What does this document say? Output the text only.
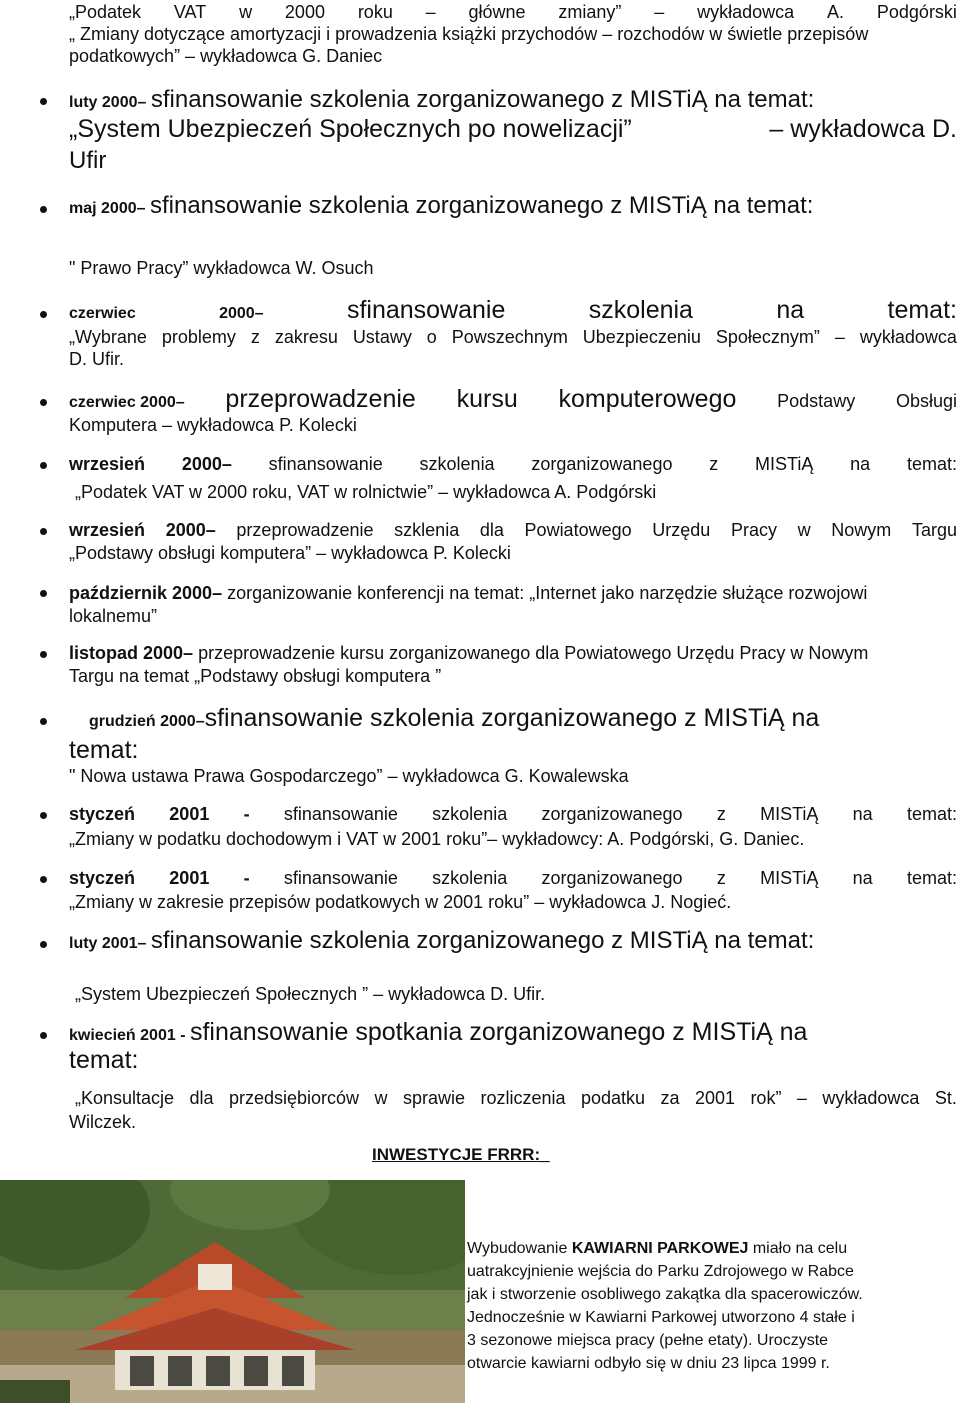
„Podatek VAT w 2000 roku – główne zmiany” – wykładowca A. Podgórski
„ Zmiany dotyczące amortyzacji i prowadzenia książki przychodów – rozchodów w świetle przepisów
podatkowych” – wykładowca G. Daniec
luty 2000– sfinansowanie szkolenia zorganizowanego z MISTiĄ na temat:
„System Ubezpieczeń Społecznych po nowelizacji”	– wykładowca D.
Ufir
maj 2000– sfinansowanie szkolenia zorganizowanego z MISTiĄ na temat:
" Prawo Pracy” wykładowca W. Osuch
czerwiec	2000–	sfinansowanie	szkolenia	na	temat:
„Wybrane problemy z zakresu Ustawy o Powszechnym Ubezpieczeniu Społecznym” – wykładowca
D. Ufir.
czerwiec 2000– przeprowadzenie kursu komputerowego Podstawy Obsługi
Komputera – wykładowca P. Kolecki
wrzesień 2000– sfinansowanie szkolenia zorganizowanego z MISTiĄ na temat:
„Podatek VAT w 2000 roku, VAT w rolnictwie” – wykładowca A. Podgórski
wrzesień 2000– przeprowadzenie szklenia dla Powiatowego Urzędu Pracy w Nowym Targu
„Podstawy obsługi komputera” – wykładowca P. Kolecki
październik 2000– zorganizowanie konferencji na temat: „Internet jako narzędzie służące rozwojowi
lokalnemu”
listopad 2000– przeprowadzenie kursu zorganizowanego dla Powiatowego Urzędu Pracy w Nowym
Targu na temat „Podstawy obsługi komputera ”
grudzień 2000–sfinansowanie szkolenia zorganizowanego z MISTiĄ na
temat:
" Nowa ustawa Prawa Gospodarczego” – wykładowca G. Kowalewska
styczeń 2001 - sfinansowanie szkolenia zorganizowanego z MISTiĄ na temat:
„Zmiany w podatku dochodowym i VAT w 2001 roku”– wykładowcy: A. Podgórski, G. Daniec.
styczeń 2001 - sfinansowanie szkolenia zorganizowanego z MISTiĄ na temat:
„Zmiany w zakresie przepisów podatkowych w 2001 roku” – wykładowca J. Nogieć.
luty 2001– sfinansowanie szkolenia zorganizowanego z MISTiĄ na temat:
„System Ubezpieczeń Społecznych ” – wykładowca D. Ufir.
kwiecień 2001 - sfinansowanie spotkania zorganizowanego z MISTiĄ na
temat:
„Konsultacje dla przedsiębiorców w sprawie rozliczenia podatku za 2001 rok” – wykładowca St.
Wilczek.
INWESTYCJE FRRR:_
Wybudowanie KAWIARNI PARKOWEJ miało na celu
uatrakcyjnienie wejścia do Parku Zdrojowego w Rabce
jak i stworzenie osobliwego zakątka dla spacerowiczów.
Jednocześnie w Kawiarni Parkowej utworzono 4 stałe i
3 sezonowe miejsca pracy (pełne etaty). Uroczyste
otwarcie kawiarni odbyło się w dniu 23 lipca 1999 r.
